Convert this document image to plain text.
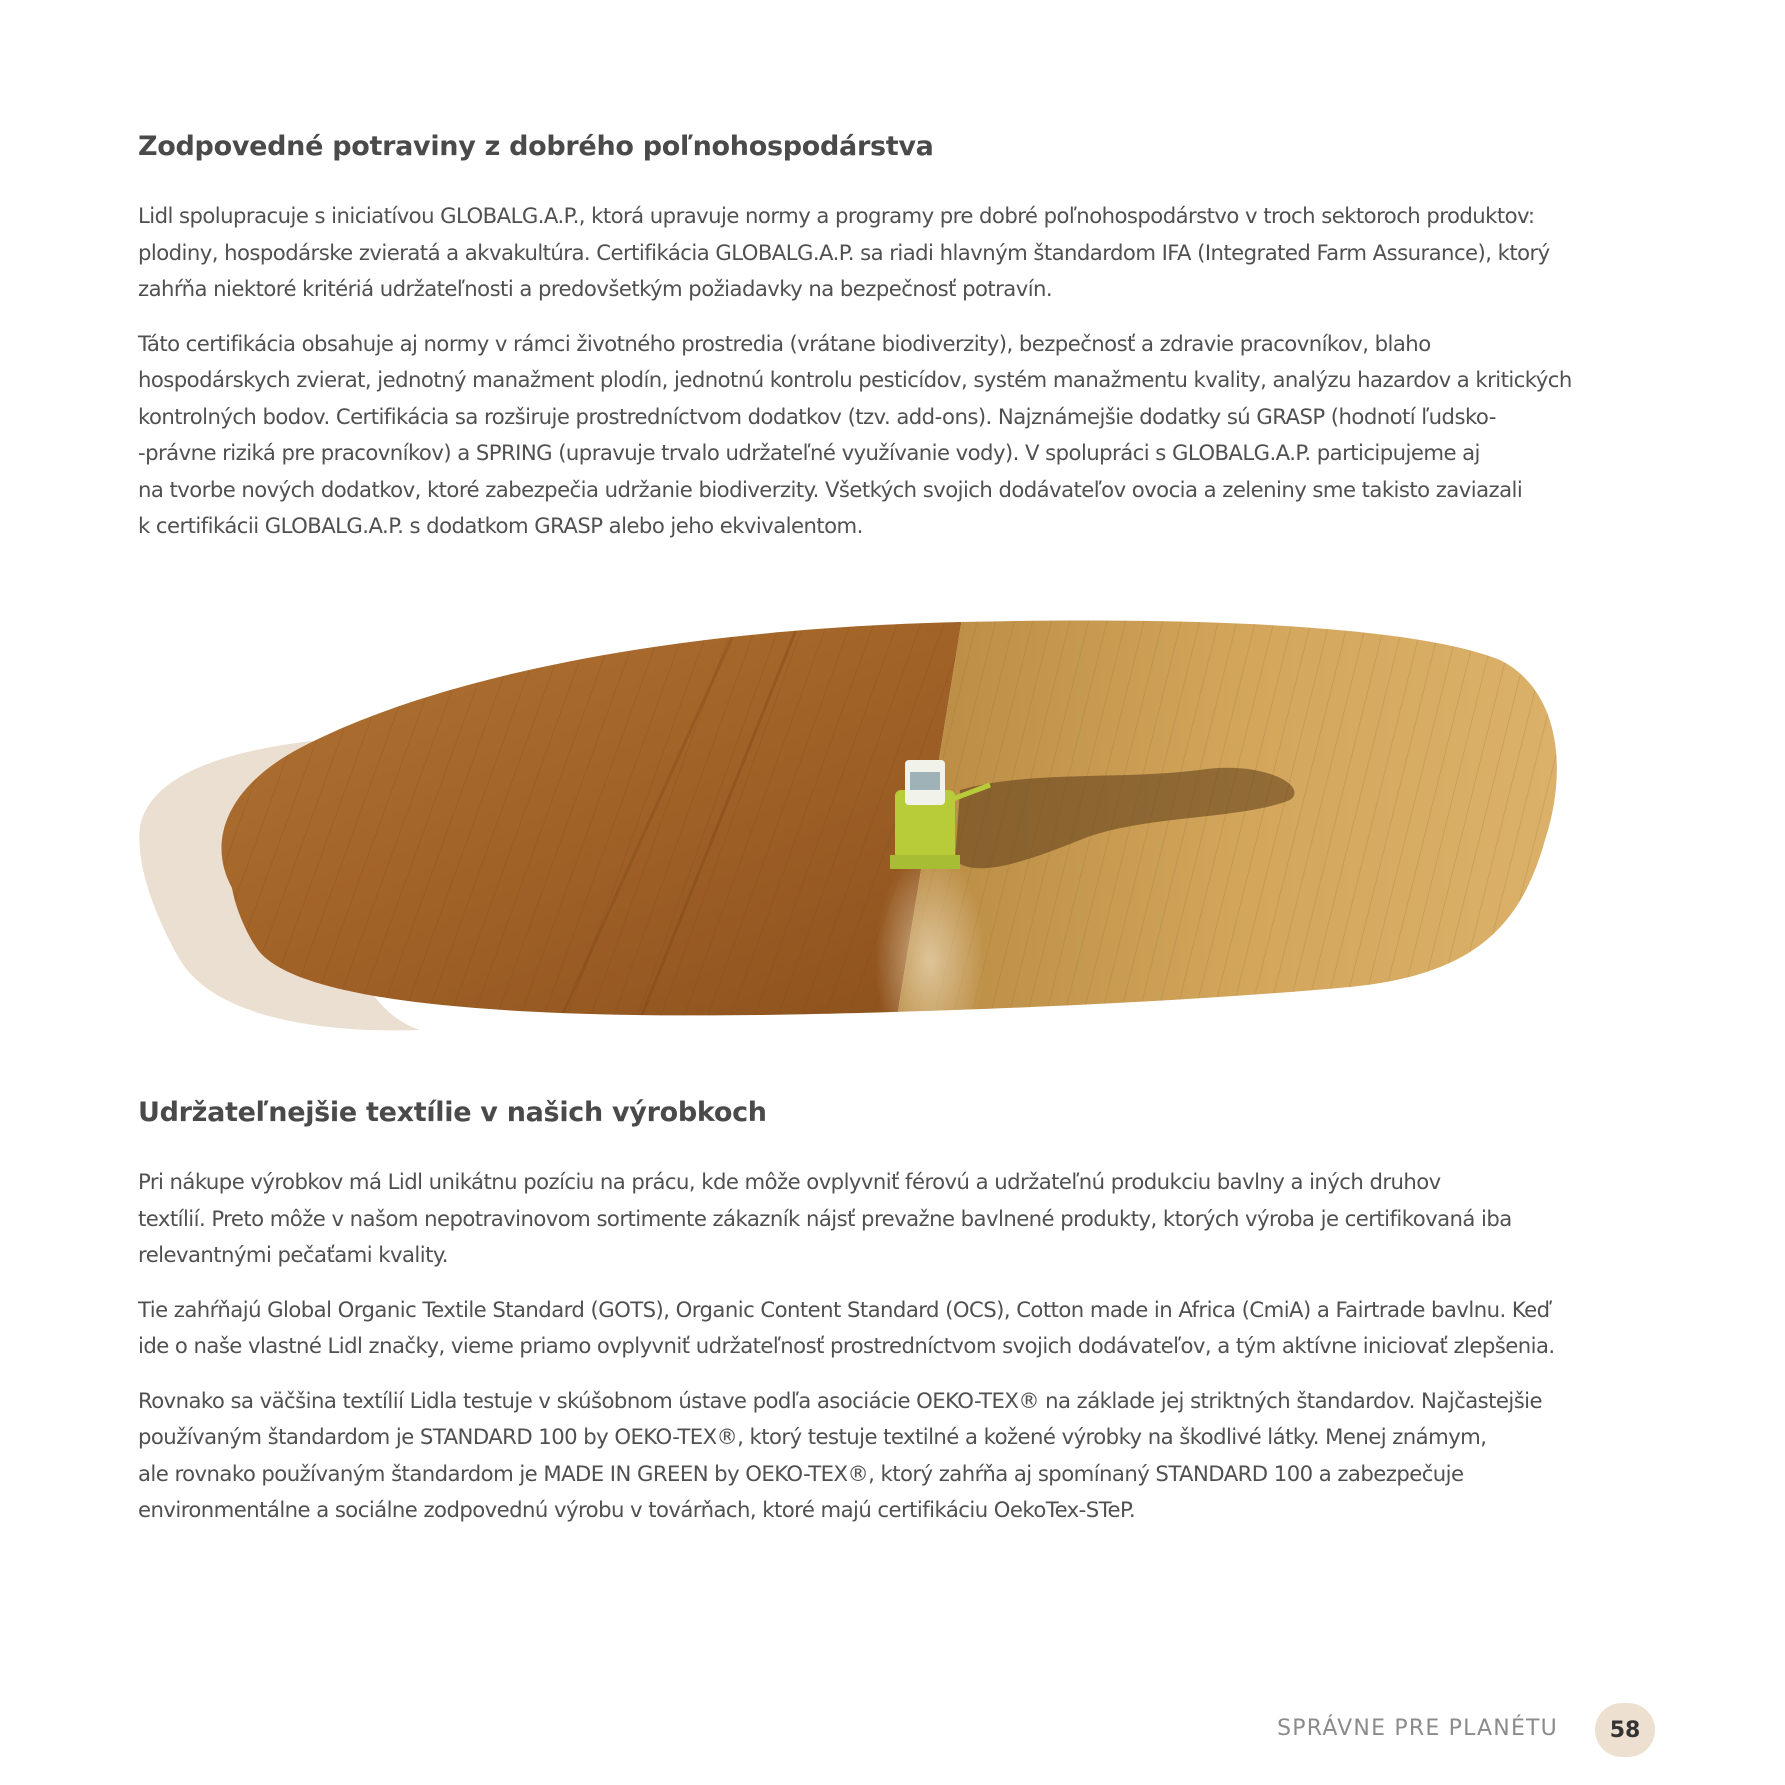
Zodpovedné potraviny z dobrého poľnohospodárstva

Lidl spolupracuje s iniciatívou GLOBALG.A.P., ktorá upravuje normy a programy pre dobré poľnohospodárstvo v troch sektoroch produktov:
plodiny, hospodárske zvieratá a akvakultúra. Certifikácia GLOBALG.A.P. sa riadi hlavným štandardom IFA (Integrated Farm Assurance), ktorý
zahŕňa niektoré kritériá udržateľnosti a predovšetkým požiadavky na bezpečnosť potravín.

Táto certifikácia obsahuje aj normy v rámci životného prostredia (vrátane biodiverzity), bezpečnosť a zdravie pracovníkov, blaho
hospodárskych zvierat, jednotný manažment plodín, jednotnú kontrolu pesticídov, systém manažmentu kvality, analýzu hazardov a kritických
kontrolných bodov. Certifikácia sa rozširuje prostredníctvom dodatkov (tzv. add-ons). Najznámejšie dodatky sú GRASP (hodnotí ľudsko-
-právne riziká pre pracovníkov) a SPRING (upravuje trvalo udržateľné využívanie vody). V spolupráci s GLOBALG.A.P. participujeme aj
na tvorbe nových dodatkov, ktoré zabezpečia udržanie biodiverzity. Všetkých svojich dodávateľov ovocia a zeleniny sme takisto zaviazali
k certifikácii GLOBALG.A.P. s dodatkom GRASP alebo jeho ekvivalentom.

Udržateľnejšie textílie v našich výrobkoch

Pri nákupe výrobkov má Lidl unikátnu pozíciu na prácu, kde môže ovplyvniť férovú a udržateľnú produkciu bavlny a iných druhov
textílií. Preto môže v našom nepotravinovom sortimente zákazník nájsť prevažne bavlnené produkty, ktorých výroba je certifikovaná iba
relevantnými pečaťami kvality.

Tie zahŕňajú Global Organic Textile Standard (GOTS), Organic Content Standard (OCS), Cotton made in Africa (CmiA) a Fairtrade bavlnu. Keď
ide o naše vlastné Lidl značky, vieme priamo ovplyvniť udržateľnosť prostredníctvom svojich dodávateľov, a tým aktívne iniciovať zlepšenia.

Rovnako sa väčšina textílií Lidla testuje v skúšobnom ústave podľa asociácie OEKO-TEX® na základe jej striktných štandardov. Najčastejšie
používaným štandardom je STANDARD 100 by OEKO-TEX®, ktorý testuje textilné a kožené výrobky na škodlivé látky. Menej známym,
ale rovnako používaným štandardom je MADE IN GREEN by OEKO-TEX®, ktorý zahŕňa aj spomínaný STANDARD 100 a zabezpečuje
environmentálne a sociálne zodpovednú výrobu v továrňach, ktoré majú certifikáciu OekoTex-STeP.

SPRÁVNE PRE PLANÉTU	58
